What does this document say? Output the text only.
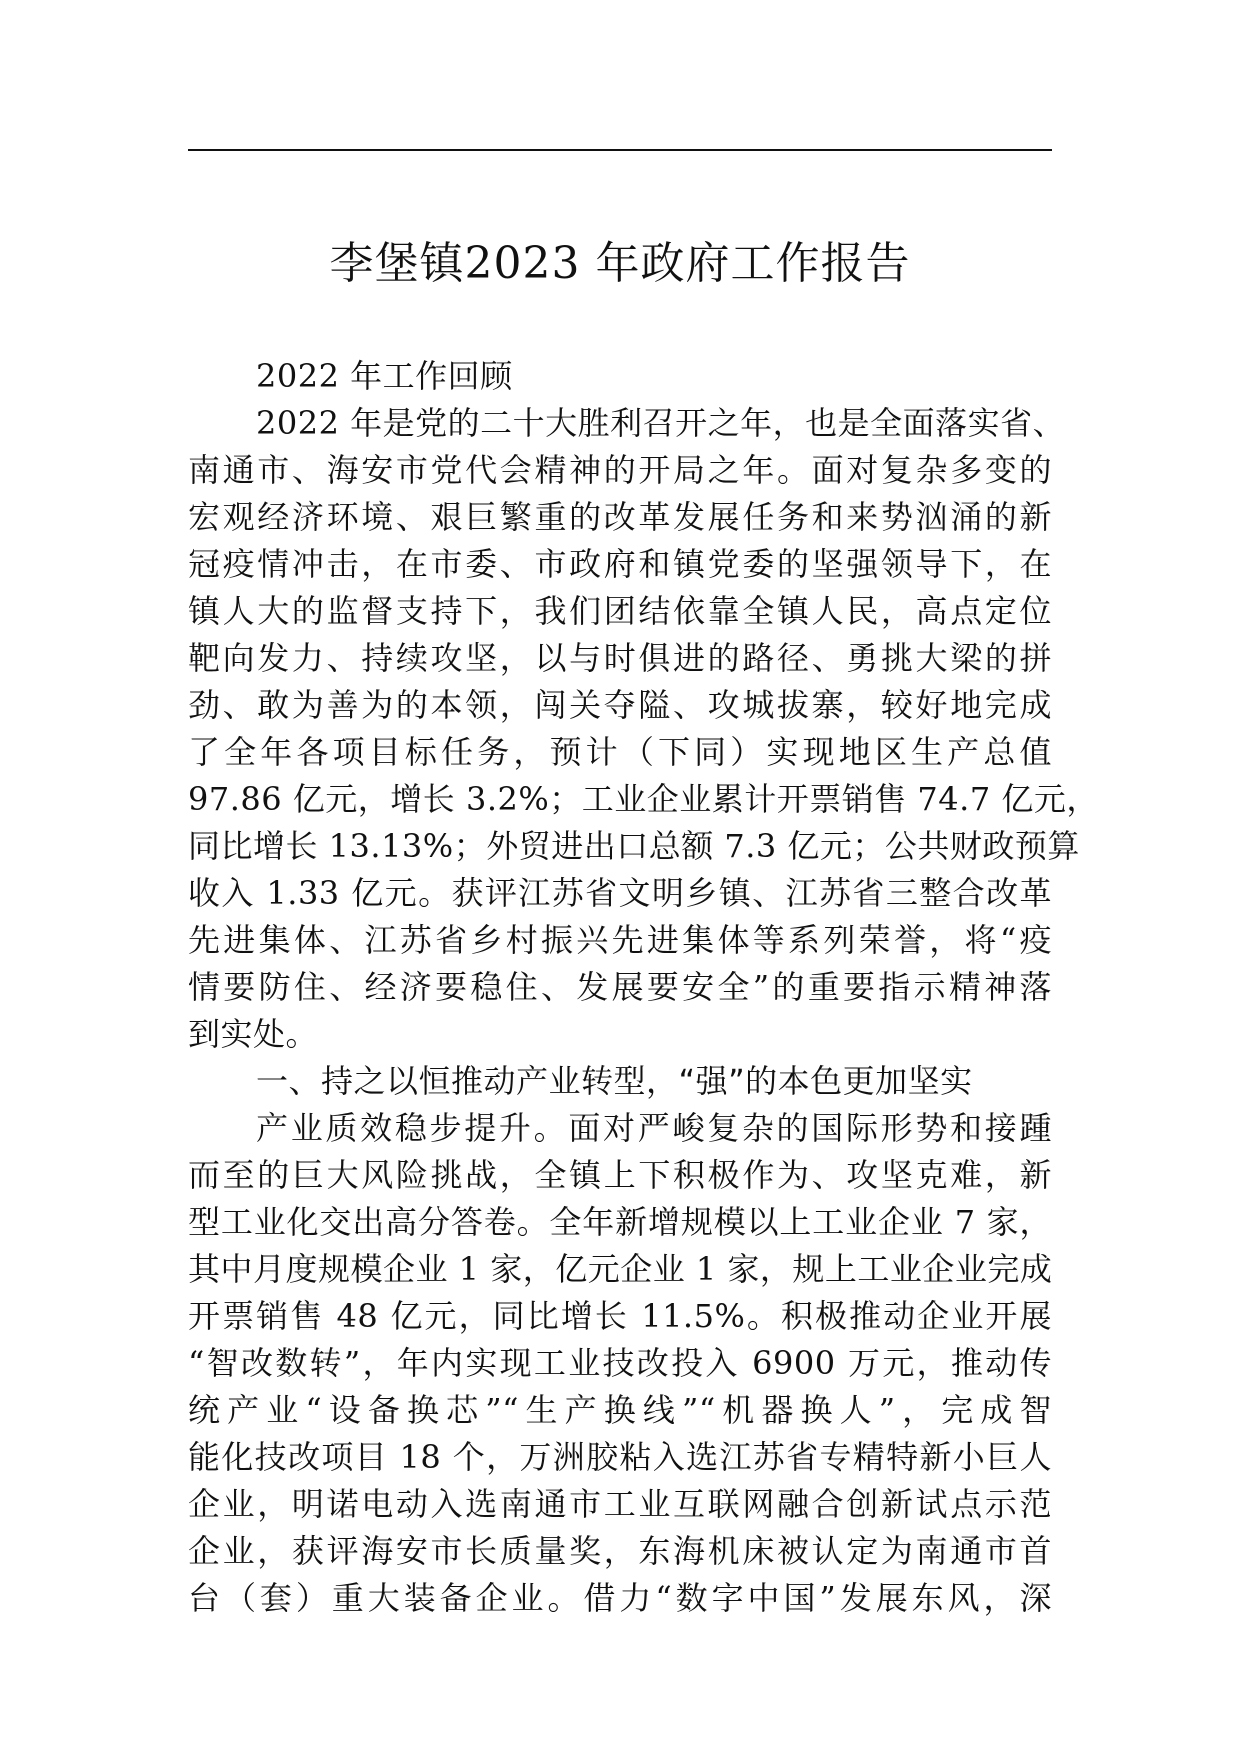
李堡镇2023 年政府工作报告
2022 年工作回顾
2022 年是党的二十大胜利召开之年，也是全面落实省、
南通市、海安市党代会精神的开局之年。面对复杂多变的
宏观经济环境、艰巨繁重的改革发展任务和来势汹涌的新
冠疫情冲击，在市委、市政府和镇党委的坚强领导下，在
镇人大的监督支持下，我们团结依靠全镇人民，高点定位
靶向发力、持续攻坚，以与时俱进的路径、勇挑大梁的拼
劲、敢为善为的本领，闯关夺隘、攻城拔寨，较好地完成
了全年各项目标任务，预计（下同）实现地区生产总值
97.86 亿元，增长 3.2%；工业企业累计开票销售 74.7 亿元，
同比增长 13.13%；外贸进出口总额 7.3 亿元；公共财政预算
收入 1.33 亿元。获评江苏省文明乡镇、江苏省三整合改革
先进集体、江苏省乡村振兴先进集体等系列荣誉，将“疫
情要防住、经济要稳住、发展要安全”的重要指示精神落
到实处。
一、持之以恒推动产业转型，“强”的本色更加坚实
产业质效稳步提升。面对严峻复杂的国际形势和接踵
而至的巨大风险挑战，全镇上下积极作为、攻坚克难，新
型工业化交出高分答卷。全年新增规模以上工业企业 7 家，
其中月度规模企业 1 家，亿元企业 1 家，规上工业企业完成
开票销售 48 亿元，同比增长 11.5%。积极推动企业开展
“智改数转”，年内实现工业技改投入 6900 万元，推动传
统产业“设备换芯”“生产换线”“机器换人”，完成智
能化技改项目 18 个，万洲胶粘入选江苏省专精特新小巨人
企业，明诺电动入选南通市工业互联网融合创新试点示范
企业，获评海安市长质量奖，东海机床被认定为南通市首
台（套）重大装备企业。借力“数字中国”发展东风，深
